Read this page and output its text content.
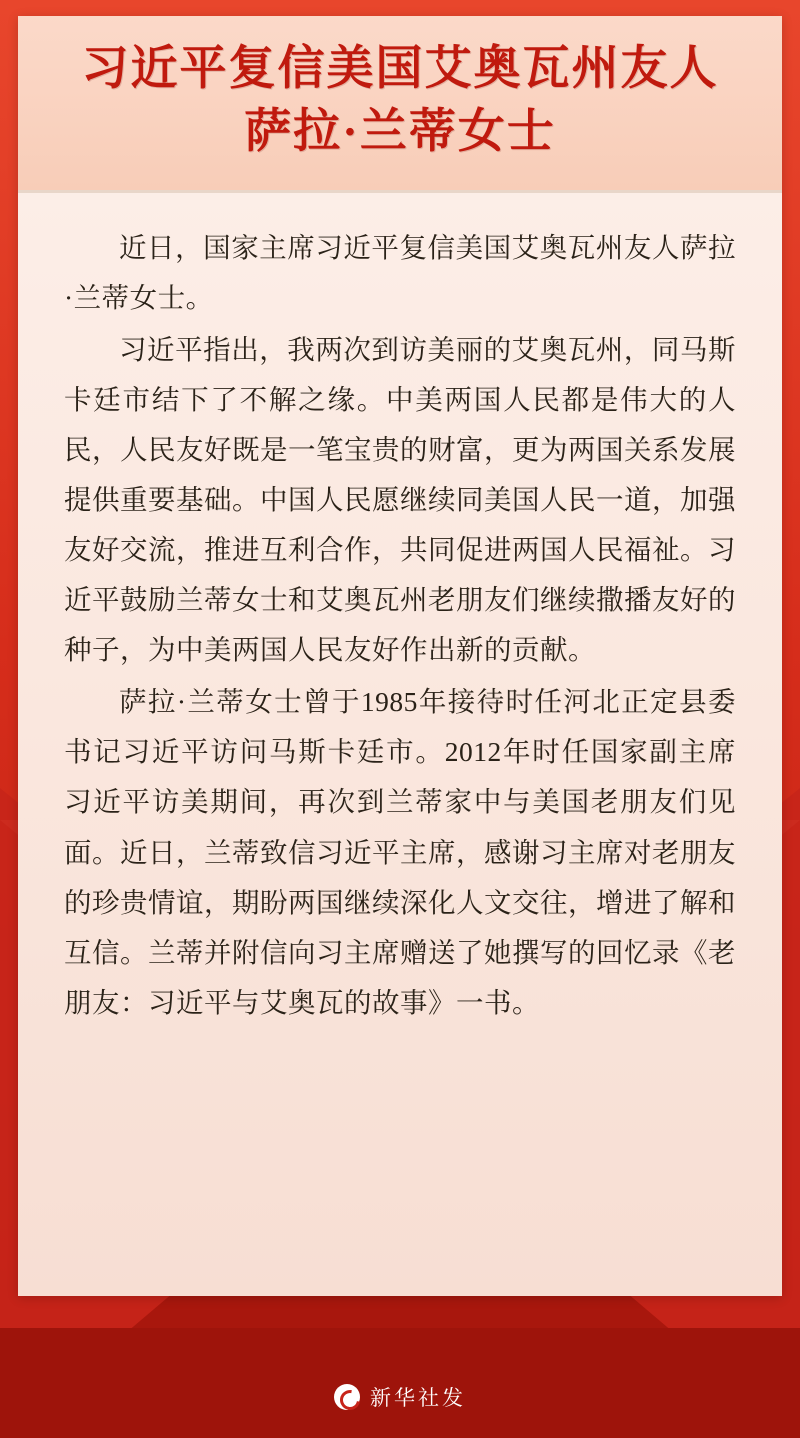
习近平复信美国艾奥瓦州友人
萨拉·兰蒂女士

近日，国家主席习近平复信美国艾奥瓦州友人萨拉·兰蒂女士。

习近平指出，我两次到访美丽的艾奥瓦州，同马斯卡廷市结下了不解之缘。中美两国人民都是伟大的人民，人民友好既是一笔宝贵的财富，更为两国关系发展提供重要基础。中国人民愿继续同美国人民一道，加强友好交流，推进互利合作，共同促进两国人民福祉。习近平鼓励兰蒂女士和艾奥瓦州老朋友们继续撒播友好的种子，为中美两国人民友好作出新的贡献。

萨拉·兰蒂女士曾于1985年接待时任河北正定县委书记习近平访问马斯卡廷市。2012年时任国家副主席习近平访美期间，再次到兰蒂家中与美国老朋友们见面。近日，兰蒂致信习近平主席，感谢习主席对老朋友的珍贵情谊，期盼两国继续深化人文交往，增进了解和互信。兰蒂并附信向习主席赠送了她撰写的回忆录《老朋友：习近平与艾奥瓦的故事》一书。

新华社发
